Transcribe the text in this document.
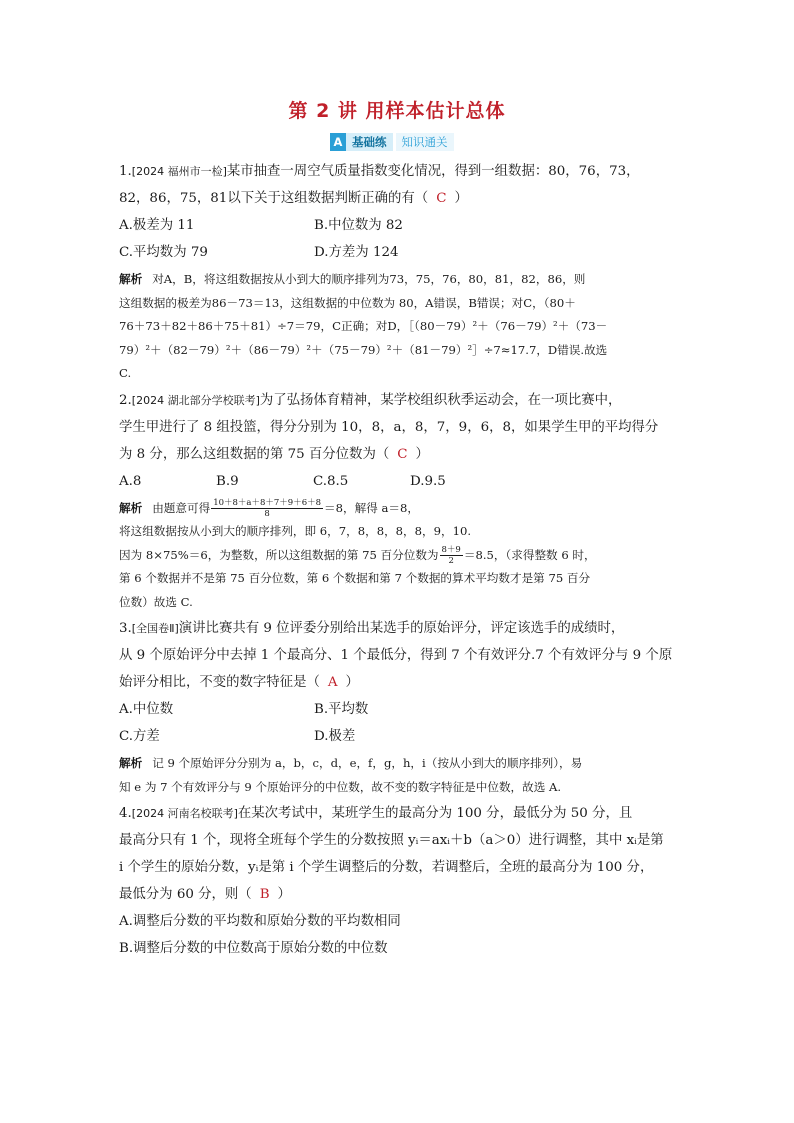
第 2 讲 用样本估计总体
A 基础练	知识通关

1.[2024 福州市一检]某市抽查一周空气质量指数变化情况，得到一组数据：80，76，73，

82，86，75，81以下关于这组数据判断正确的有（ C ）

A.极差为 11	B.中位数为 82

C.平均数为 79	D.方差为 124

解析 对A，B，将这组数据按从小到大的顺序排列为73，75，76，80，81，82，86，则

这组数据的极差为86－73＝13，这组数据的中位数为 80，A错误，B错误；对C，（80＋

76＋73＋82＋86＋75＋81）÷7＝79，C正确；对D，［（80－79）²＋（76－79）²＋（73－

79）²＋（82－79）²＋（86－79）²＋（75－79）²＋（81－79）²］÷7≈17.7，D错误.故选

C.

2.[2024 湖北部分学校联考]为了弘扬体育精神，某学校组织秋季运动会，在一项比赛中，

学生甲进行了 8 组投篮，得分分别为 10，8，a，8，7，9，6，8，如果学生甲的平均得分

为 8 分，那么这组数据的第 75 百分位数为（ C ）

A.8	B.9	C.8.5	D.9.5

解析 由题意可得 $\frac{10+8+a+8+7+9+6+8}{8} =8$，解得 a＝8，

将这组数据按从小到大的顺序排列，即 6，7，8，8，8，8，9，10.

因为 8×75%＝6，为整数，所以这组数据的第 75 百分位数为 $\frac{8+9}{2} =8.5$，（求得整数 6 时，

第 6 个数据并不是第 75 百分位数，第 6 个数据和第 7 个数据的算术平均数才是第 75 百分

位数）故选 C.

3.[全国卷Ⅱ]演讲比赛共有 9 位评委分别给出某选手的原始评分，评定该选手的成绩时，

从 9 个原始评分中去掉 1 个最高分、1 个最低分，得到 7 个有效评分.7 个有效评分与 9 个原

始评分相比，不变的数字特征是（ A ）

A.中位数	B.平均数

C.方差	D.极差

解析 记 9 个原始评分分别为 a，b，c，d，e，f，g，h，i（按从小到大的顺序排列），易

知 e 为 7 个有效评分与 9 个原始评分的中位数，故不变的数字特征是中位数，故选 A.

4.[2024 河南名校联考]在某次考试中，某班学生的最高分为 100 分，最低分为 50 分，且

最高分只有 1 个，现将全班每个学生的分数按照 yᵢ＝axᵢ＋b（a＞0）进行调整，其中 xᵢ是第

i 个学生的原始分数，yᵢ是第 i 个学生调整后的分数，若调整后，全班的最高分为 100 分，

最低分为 60 分，则（ B ）

A.调整后分数的平均数和原始分数的平均数相同

B.调整后分数的中位数高于原始分数的中位数
